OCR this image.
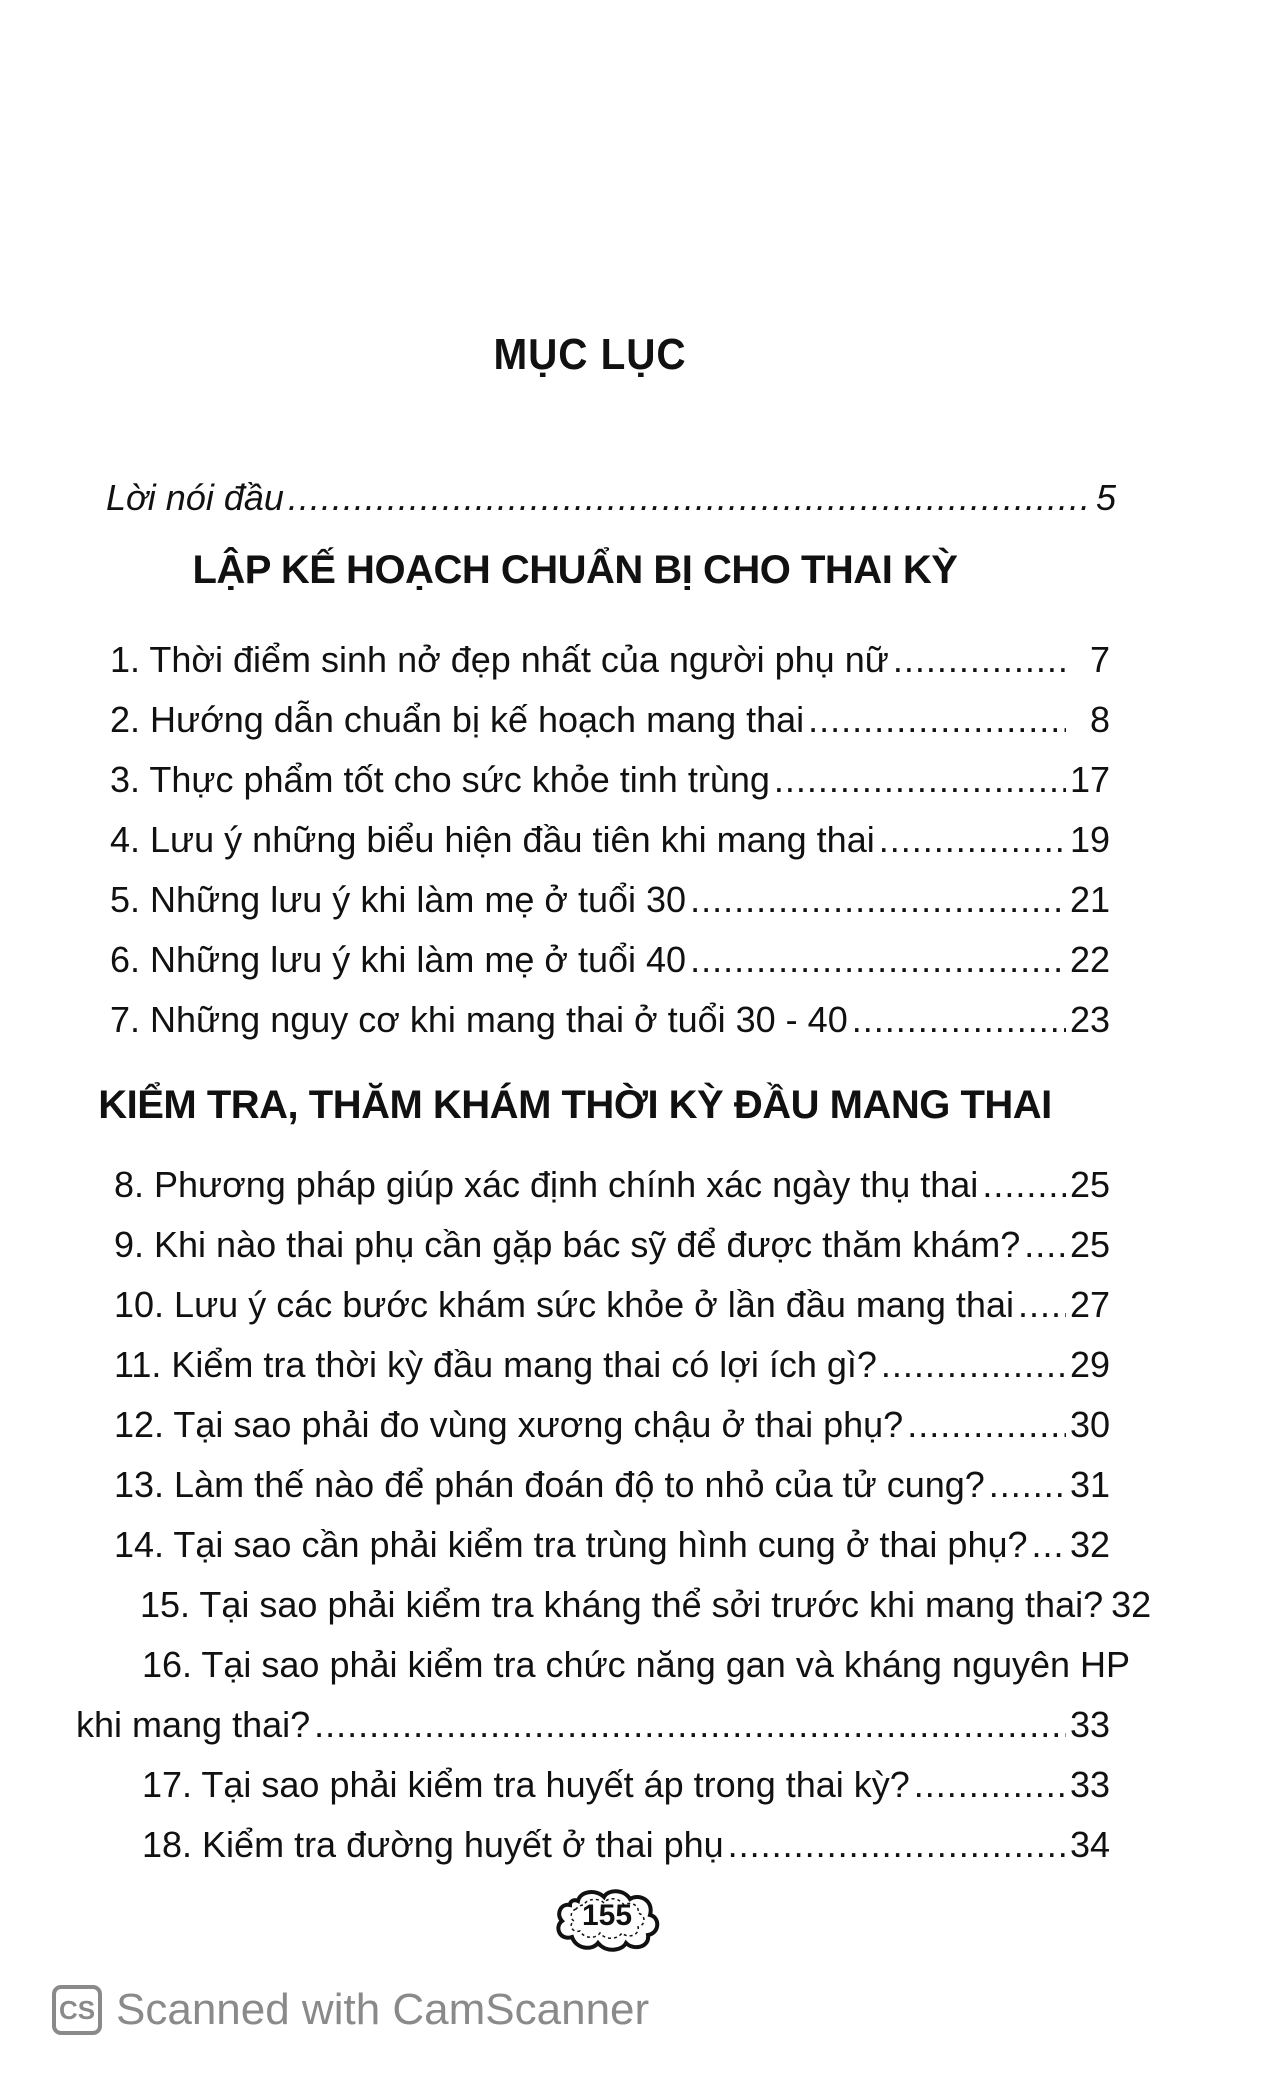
MỤC LỤC
Lời nói đầu .....	5
LẬP KẾ HOẠCH CHUẨN BỊ CHO THAI KỲ
1. Thời điểm sinh nở đẹp nhất của người phụ nữ .....	7
2. Hướng dẫn chuẩn bị kế hoạch mang thai .....	8
3. Thực phẩm tốt cho sức khỏe tinh trùng .....	17
4. Lưu ý những biểu hiện đầu tiên khi mang thai .....	19
5. Những lưu ý khi làm mẹ ở tuổi 30 .....	21
6. Những lưu ý khi làm mẹ ở tuổi 40 .....	22
7. Những nguy cơ khi mang thai ở tuổi 30 - 40 .....	23
KIỂM TRA, THĂM KHÁM THỜI KỲ ĐẦU MANG THAI
8. Phương pháp giúp xác định chính xác ngày thụ thai .....	25
9. Khi nào thai phụ cần gặp bác sỹ để được thăm khám? ..... 25
10. Lưu ý các bước khám sức khỏe ở lần đầu mang thai ..... 27
11. Kiểm tra thời kỳ đầu mang thai có lợi ích gì? .....	29
12. Tại sao phải đo vùng xương chậu ở thai phụ? .....	30
13. Làm thế nào để phán đoán độ to nhỏ của tử cung? ..... 31
14. Tại sao cần phải kiểm tra trùng hình cung ở thai phụ? ..... 32
15. Tại sao phải kiểm tra kháng thể sởi trước khi mang thai? 32
16. Tại sao phải kiểm tra chức năng gan và kháng nguyên HP
khi mang thai? .....	33
17. Tại sao phải kiểm tra huyết áp trong thai kỳ? .....	33
18. Kiểm tra đường huyết ở thai phụ .....	34
155
CS Scanned with CamScanner
